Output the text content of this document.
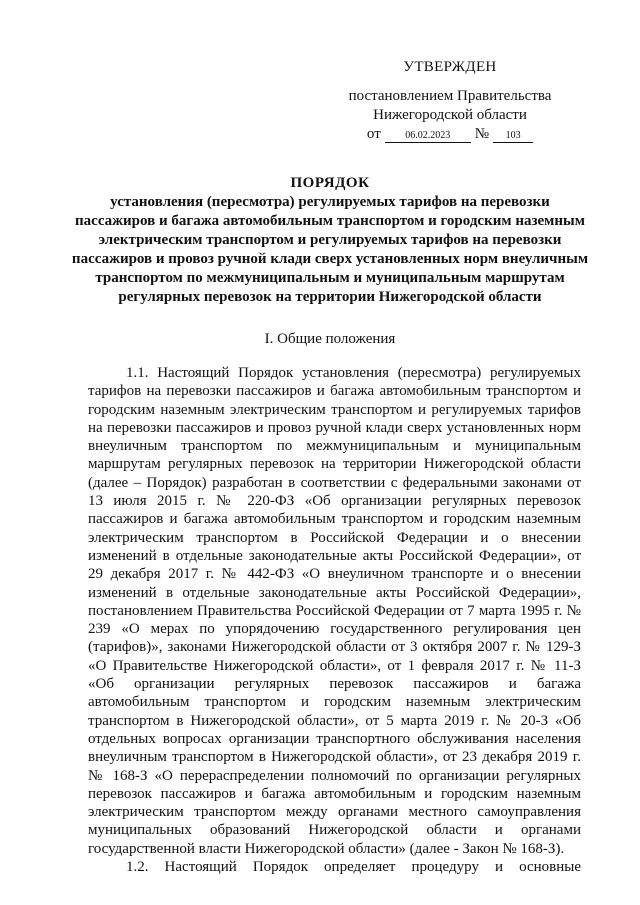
УТВЕРЖДЕН
постановлением Правительства
Нижегородской области
от	06.02.2023	№	103
ПОРЯДОК
установления (пересмотра) регулируемых тарифов на перевозки пассажиров и багажа автомобильным транспортом и городским наземным электрическим транспортом и регулируемых тарифов на перевозки пассажиров и провоз ручной клади сверх установленных норм внеуличным транспортом по межмуниципальным и муниципальным маршрутам регулярных перевозок на территории Нижегородской области
I. Общие положения

1.1. Настоящий Порядок установления (пересмотра) регулируемых тарифов на перевозки пассажиров и багажа автомобильным транспортом и городским наземным электрическим транспортом и регулируемых тарифов на перевозки пассажиров и провоз ручной клади сверх установленных норм внеуличным транспортом по межмуниципальным и муниципальным маршрутам регулярных перевозок на территории Нижегородской области (далее – Порядок) разработан в соответствии с федеральными законами от 13 июля 2015 г. № 220-ФЗ «Об организации регулярных перевозок пассажиров и багажа автомобильным транспортом и городским наземным электрическим транспортом в Российской Федерации и о внесении изменений в отдельные законодательные акты Российской Федерации», от 29 декабря 2017 г. № 442-ФЗ «О внеуличном транспорте и о внесении изменений в отдельные законодательные акты Российской Федерации», постановлением Правительства Российской Федерации от 7 марта 1995 г. № 239 «О мерах по упорядочению государственного регулирования цен (тарифов)», законами Нижегородской области от 3 октября 2007 г. № 129-З «О Правительстве Нижегородской области», от 1 февраля 2017 г. № 11-З «Об организации регулярных перевозок пассажиров и багажа автомобильным транспортом и городским наземным электрическим транспортом в Нижегородской области», от 5 марта 2019 г. № 20-З «Об отдельных вопросах организации транспортного обслуживания населения внеуличным транспортом в Нижегородской области», от 23 декабря 2019 г. № 168-З «О перераспределении полномочий по организации регулярных перевозок пассажиров и багажа автомобильным и городским наземным электрическим транспортом между органами местного самоуправления муниципальных образований Нижегородской области и органами государственной власти Нижегородской области» (далее - Закон № 168-З).

1.2. Настоящий Порядок определяет процедуру и основные
